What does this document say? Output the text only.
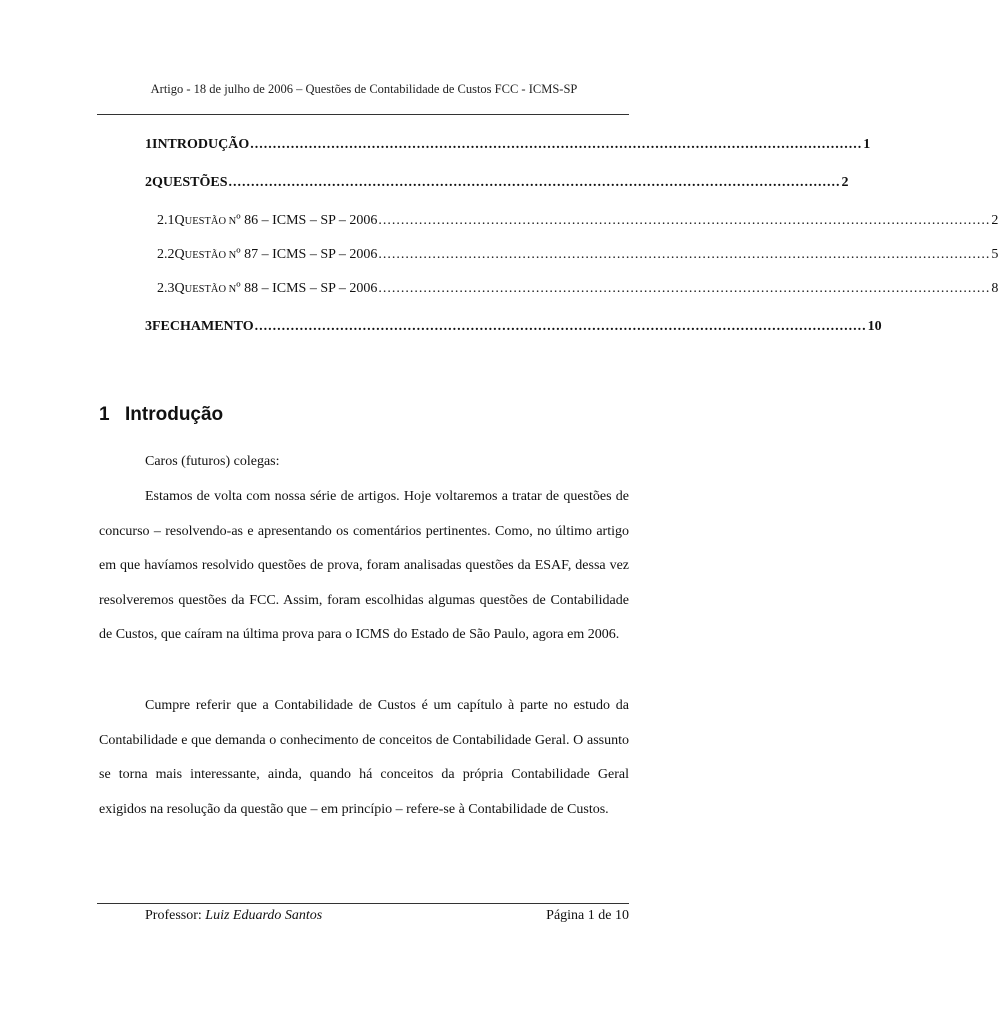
Artigo - 18 de julho de 2006 – Questões de Contabilidade de Custos FCC - ICMS-SP
1 INTRODUÇÃO ........................................................................................................................................ 1
2 QUESTÕES ........................................................................................................................................ 2
2.1 QUESTÃO Nº 86 – ICMS – SP – 2006 ........................................................................................................................................ 2
2.2 QUESTÃO Nº 87 – ICMS – SP – 2006 ........................................................................................................................................ 5
2.3 QUESTÃO Nº 88 – ICMS – SP – 2006 ........................................................................................................................................ 8
3 FECHAMENTO ........................................................................................................................................ 10
1 Introdução
Caros (futuros) colegas:
Estamos de volta com nossa série de artigos. Hoje voltaremos a tratar de questões de concurso – resolvendo-as e apresentando os comentários pertinentes. Como, no último artigo em que havíamos resolvido questões de prova, foram analisadas questões da ESAF, dessa vez resolveremos questões da FCC. Assim, foram escolhidas algumas questões de Contabilidade de Custos, que caíram na última prova para o ICMS do Estado de São Paulo, agora em 2006.
Cumpre referir que a Contabilidade de Custos é um capítulo à parte no estudo da Contabilidade e que demanda o conhecimento de conceitos de Contabilidade Geral. O assunto se torna mais interessante, ainda, quando há conceitos da própria Contabilidade Geral exigidos na resolução da questão que – em princípio – refere-se à Contabilidade de Custos.
Professor: Luiz Eduardo Santos	Página 1 de 10
